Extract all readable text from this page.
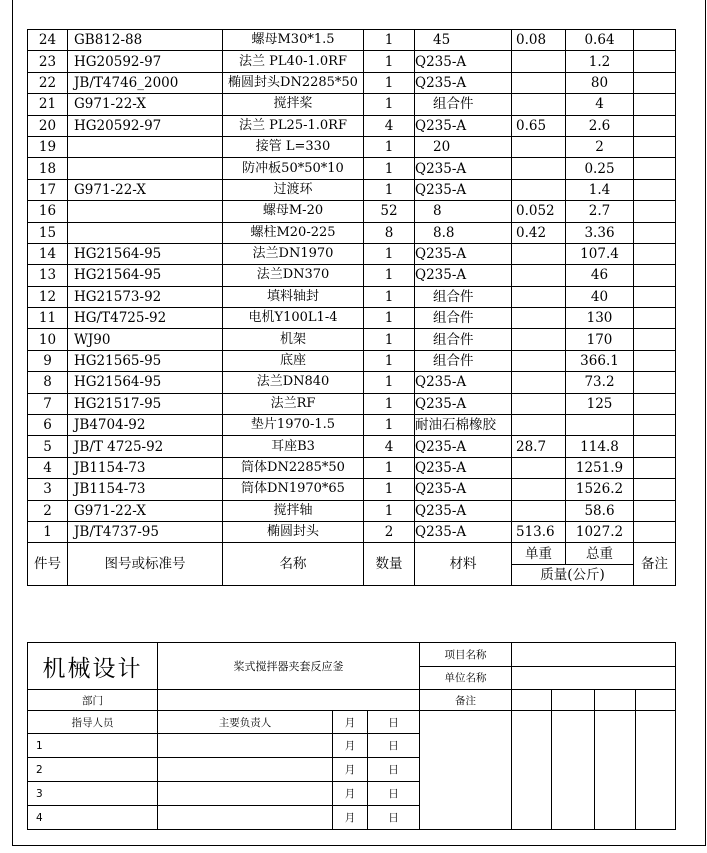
24	GB812-88	螺母M30*1.5	1	45	0.08	0.64	
23	HG20592-97	法兰 PL40-1.0RF	1	Q235-A		1.2	
22	JB/T4746_2000	椭圆封头DN2285*50	1	Q235-A		80	
21	G971-22-X	搅拌桨	1	组合件		4	
20	HG20592-97	法兰 PL25-1.0RF	4	Q235-A	0.65	2.6	
19		接管 L=330	1	20		2	
18		防冲板50*50*10	1	Q235-A		0.25	
17	G971-22-X	过渡环	1	Q235-A		1.4	
16		螺母M-20	52	8	0.052	2.7	
15		螺柱M20-225	8	8.8	0.42	3.36	
14	HG21564-95	法兰DN1970	1	Q235-A		107.4	
13	HG21564-95	法兰DN370	1	Q235-A		46	
12	HG21573-92	填料轴封	1	组合件		40	
11	HG/T4725-92	电机Y100L1-4	1	组合件		130	
10	WJ90	机架	1	组合件		170	
9	HG21565-95	底座	1	组合件		366.1	
8	HG21564-95	法兰DN840	1	Q235-A		73.2	
7	HG21517-95	法兰RF	1	Q235-A		125	
6	JB4704-92	垫片1970-1.5	1	耐油石棉橡胶			
5	JB/T 4725-92	耳座B3	4	Q235-A	28.7	114.8	
4	JB1154-73	筒体DN2285*50	1	Q235-A		1251.9	
3	JB1154-73	筒体DN1970*65	1	Q235-A		1526.2	
2	G971-22-X	搅拌轴	1	Q235-A		58.6	
1	JB/T4737-95	椭圆封头	2	Q235-A	513.6	1027.2	
件号	图号或标准号	名称	数量	材料	单重	总重	备注
					质量(公斤)		
机械设计	桨式搅拌器夹套反应釜			项目名称				
				单位名称				
部门				备注				
指导人员	主要负责人	月	日					
1		月	日					
2		月	日					
3		月	日					
4		月	日					
